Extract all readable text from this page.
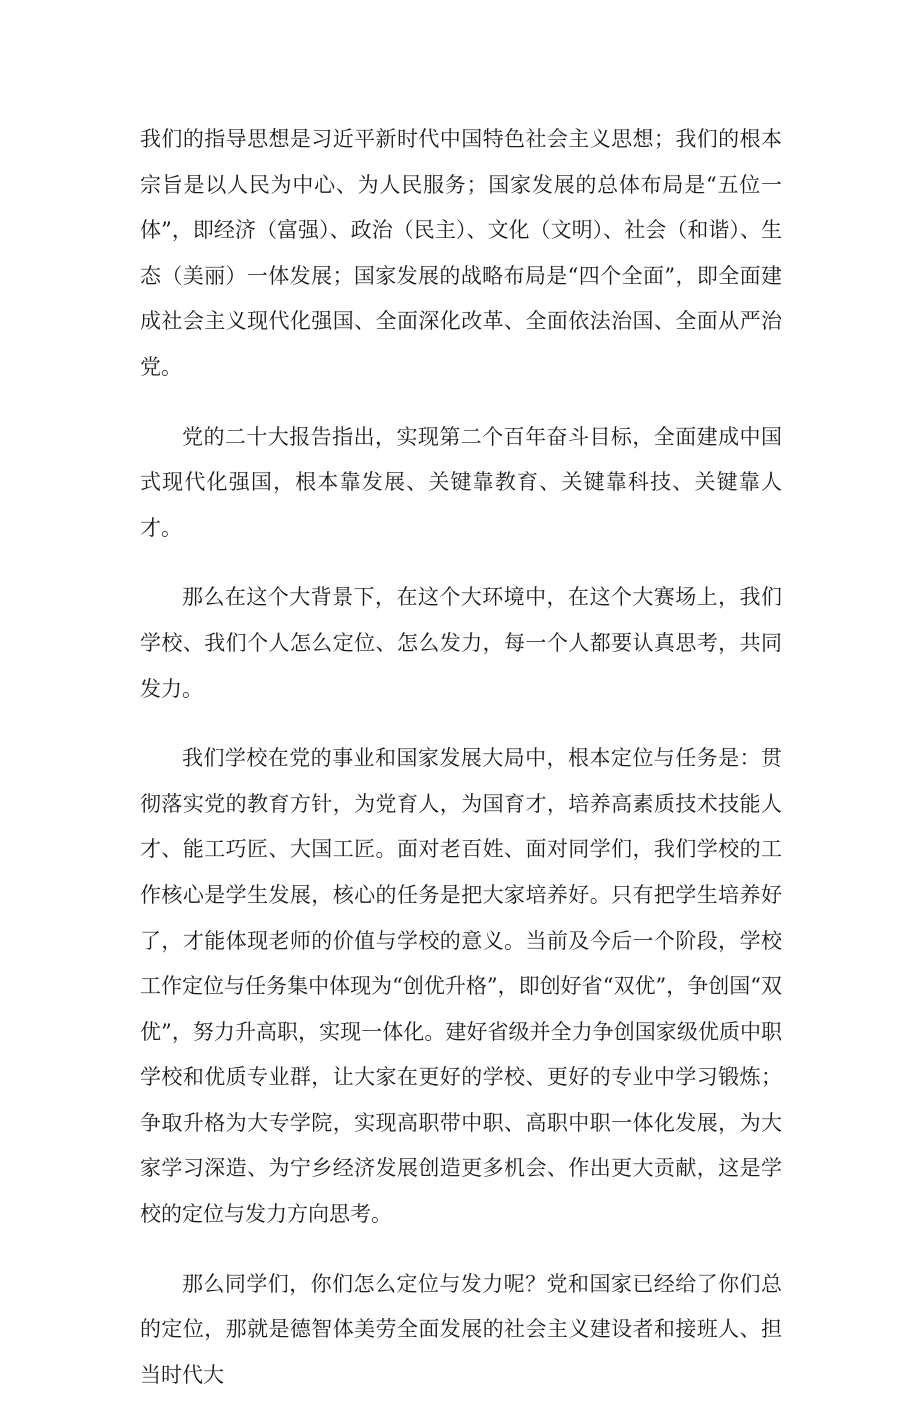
我们的指导思想是习近平新时代中国特色社会主义思想；我们的根本宗旨是以人民为中心、为人民服务；国家发展的总体布局是“五位一体”，即经济（富强）、政治（民主）、文化（文明）、社会（和谐）、生态（美丽）一体发展；国家发展的战略布局是“四个全面”，即全面建成社会主义现代化强国、全面深化改革、全面依法治国、全面从严治党。

党的二十大报告指出，实现第二个百年奋斗目标，全面建成中国式现代化强国，根本靠发展、关键靠教育、关键靠科技、关键靠人才。

那么在这个大背景下，在这个大环境中，在这个大赛场上，我们学校、我们个人怎么定位、怎么发力，每一个人都要认真思考，共同发力。

我们学校在党的事业和国家发展大局中，根本定位与任务是：贯彻落实党的教育方针，为党育人，为国育才，培养高素质技术技能人才、能工巧匠、大国工匠。面对老百姓、面对同学们，我们学校的工作核心是学生发展，核心的任务是把大家培养好。只有把学生培养好了，才能体现老师的价值与学校的意义。当前及今后一个阶段，学校工作定位与任务集中体现为“创优升格”，即创好省“双优”，争创国“双优”，努力升高职，实现一体化。建好省级并全力争创国家级优质中职学校和优质专业群，让大家在更好的学校、更好的专业中学习锻炼；争取升格为大专学院，实现高职带中职、高职中职一体化发展，为大家学习深造、为宁乡经济发展创造更多机会、作出更大贡献，这是学校的定位与发力方向思考。

那么同学们，你们怎么定位与发力呢？党和国家已经给了你们总的定位，那就是德智体美劳全面发展的社会主义建设者和接班人、担当时代大
